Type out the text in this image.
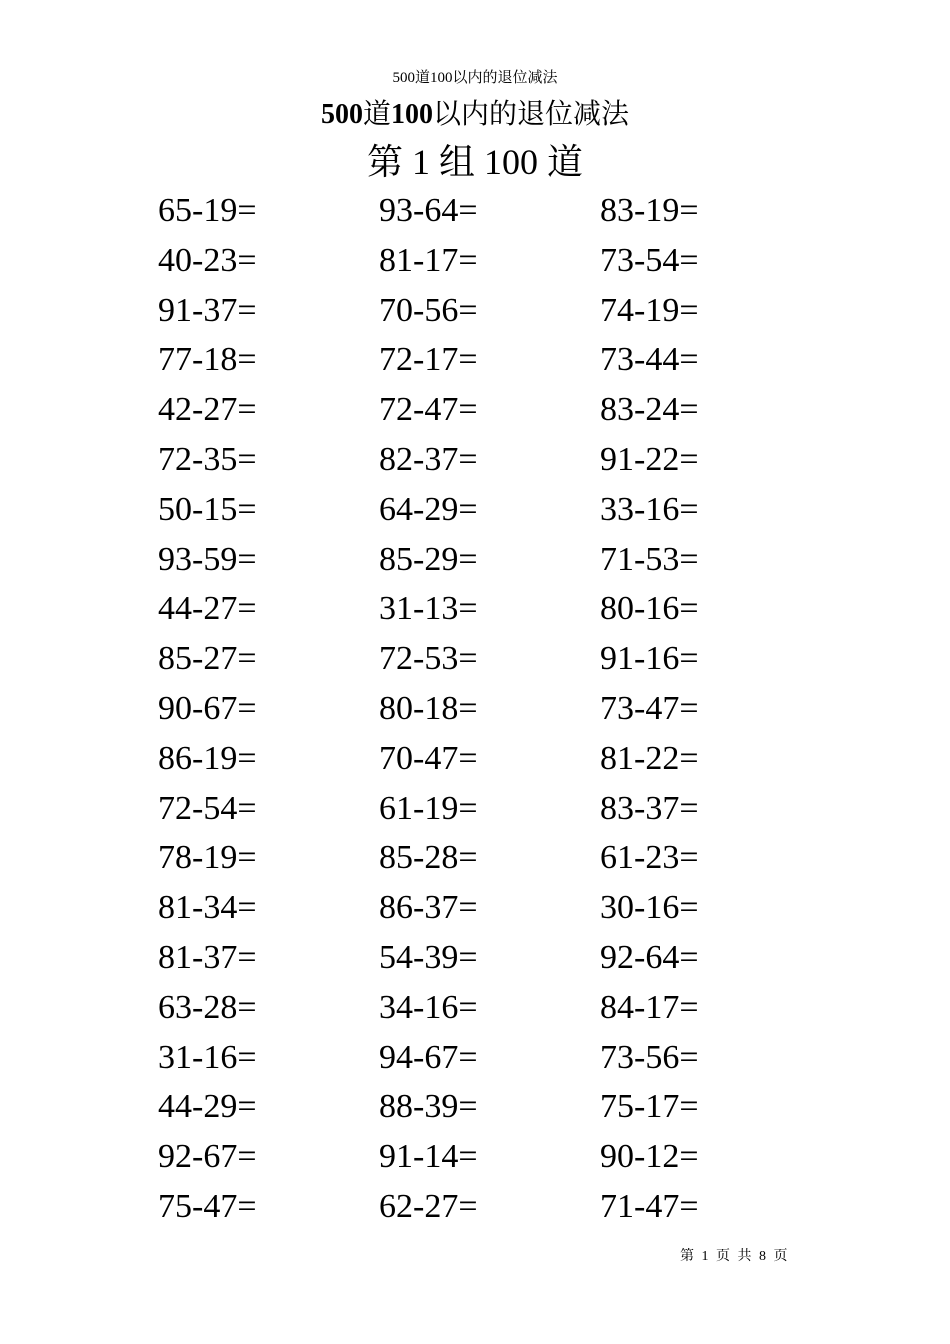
500道100以内的退位减法
500道100以内的退位减法
第 1 组 100 道
65-19=	93-64=	83-19=
40-23=	81-17=	73-54=
91-37=	70-56=	74-19=
77-18=	72-17=	73-44=
42-27=	72-47=	83-24=
72-35=	82-37=	91-22=
50-15=	64-29=	33-16=
93-59=	85-29=	71-53=
44-27=	31-13=	80-16=
85-27=	72-53=	91-16=
90-67=	80-18=	73-47=
86-19=	70-47=	81-22=
72-54=	61-19=	83-37=
78-19=	85-28=	61-23=
81-34=	86-37=	30-16=
81-37=	54-39=	92-64=
63-28=	34-16=	84-17=
31-16=	94-67=	73-56=
44-29=	88-39=	75-17=
92-67=	91-14=	90-12=
75-47=	62-27=	71-47=
第 1 页 共 8 页
